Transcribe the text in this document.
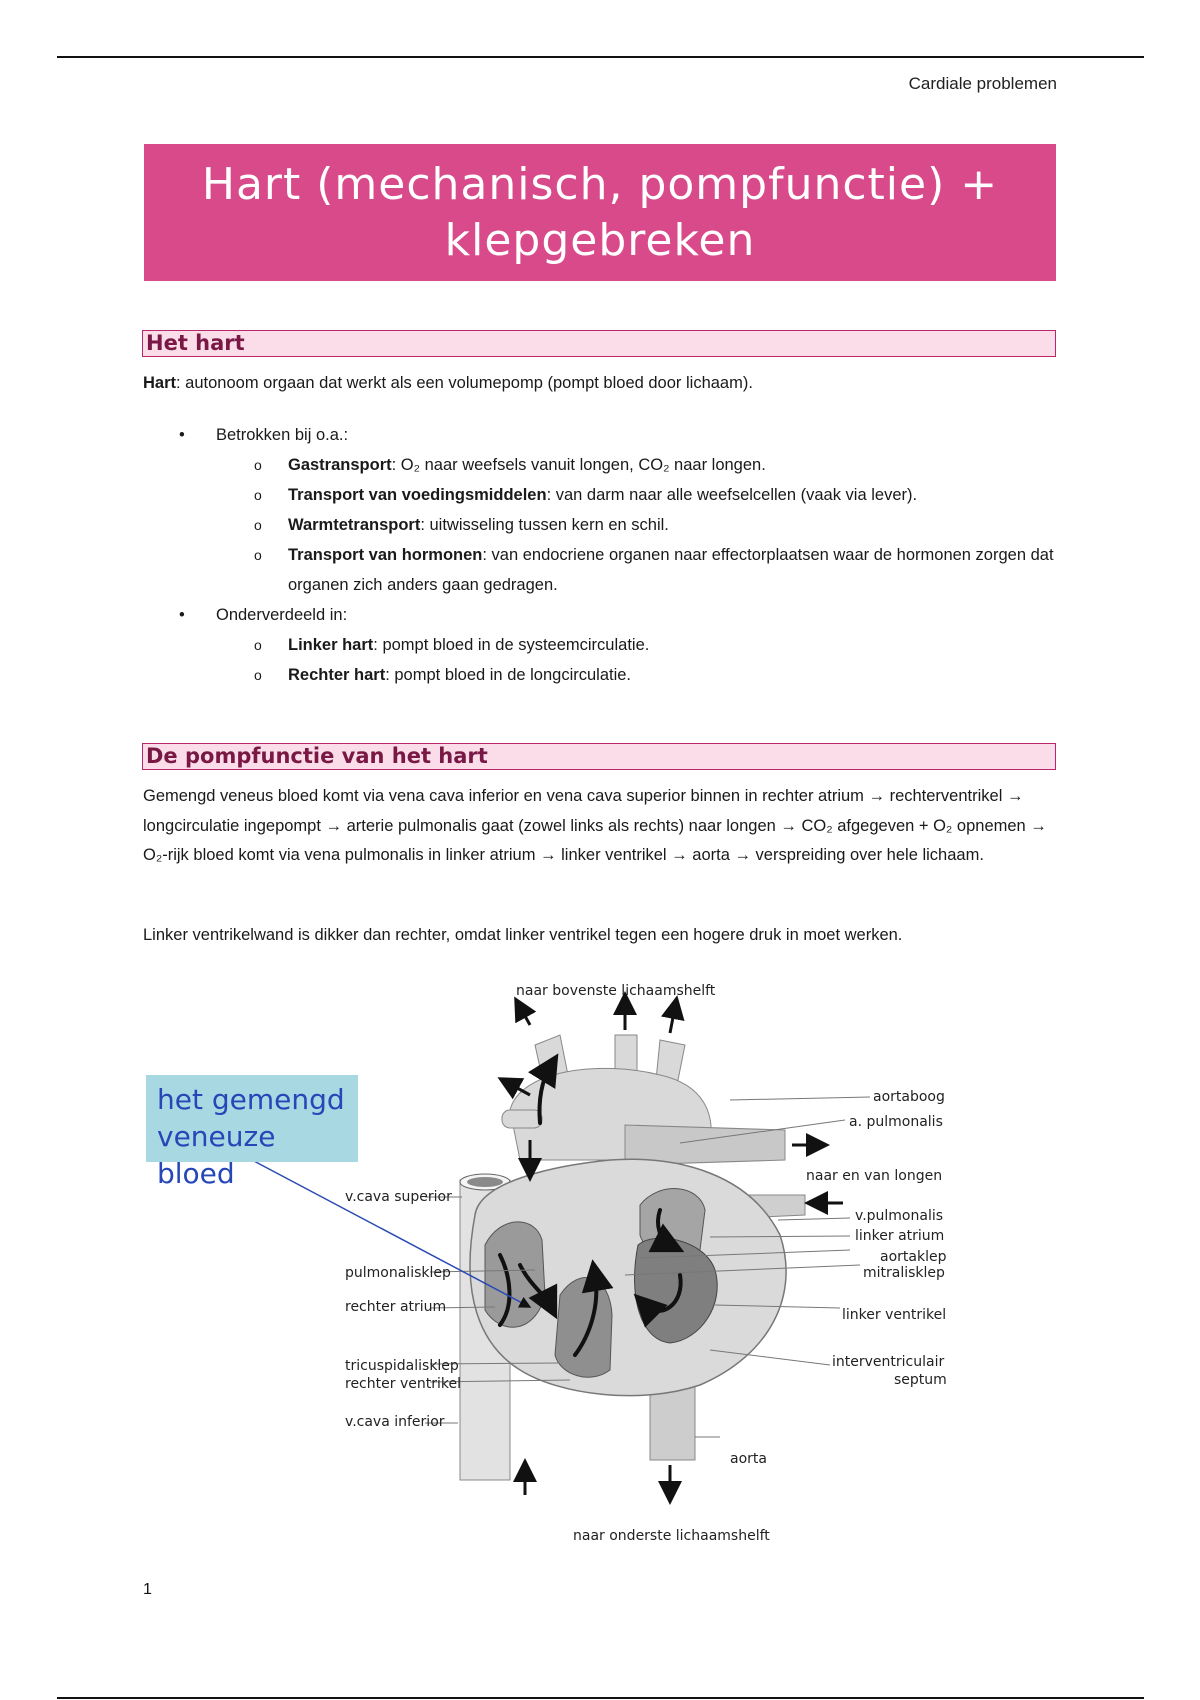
Cardiale problemen
Hart (mechanisch, pompfunctie) + klepgebreken
Het hart
Hart: autonoom orgaan dat werkt als een volumepomp (pompt bloed door lichaam).
• Betrokken bij o.a.:
o Gastransport: O₂ naar weefsels vanuit longen, CO₂ naar longen.
o Transport van voedingsmiddelen: van darm naar alle weefselcellen (vaak via lever).
o Warmtetransport: uitwisseling tussen kern en schil.
o Transport van hormonen: van endocriene organen naar effectorplaatsen waar de hormonen zorgen dat organen zich anders gaan gedragen.
• Onderverdeeld in:
o Linker hart: pompt bloed in de systeemcirculatie.
o Rechter hart: pompt bloed in de longcirculatie.
De pompfunctie van het hart
Gemengd veneus bloed komt via vena cava inferior en vena cava superior binnen in rechter atrium → rechterventrikel → longcirculatie ingepompt → arterie pulmonalis gaat (zowel links als rechts) naar longen → CO₂ afgegeven + O₂ opnemen → O₂-rijk bloed komt via vena pulmonalis in linker atrium → linker ventrikel → aorta → verspreiding over hele lichaam.
Linker ventrikelwand is dikker dan rechter, omdat linker ventrikel tegen een hogere druk in moet werken.
het gemengd veneuze bloed
naar bovenste lichaamshelft
naar onderste lichaamshelft
aortaboog
a. pulmonalis
naar en van longen
v.pulmonalis
linker atrium
aortaklep
mitralisklep
linker ventrikel
interventriculair
septum
aorta
v.cava superior
pulmonalisklep
rechter atrium
tricuspidalisklep
rechter ventrikel
v.cava inferior
1
